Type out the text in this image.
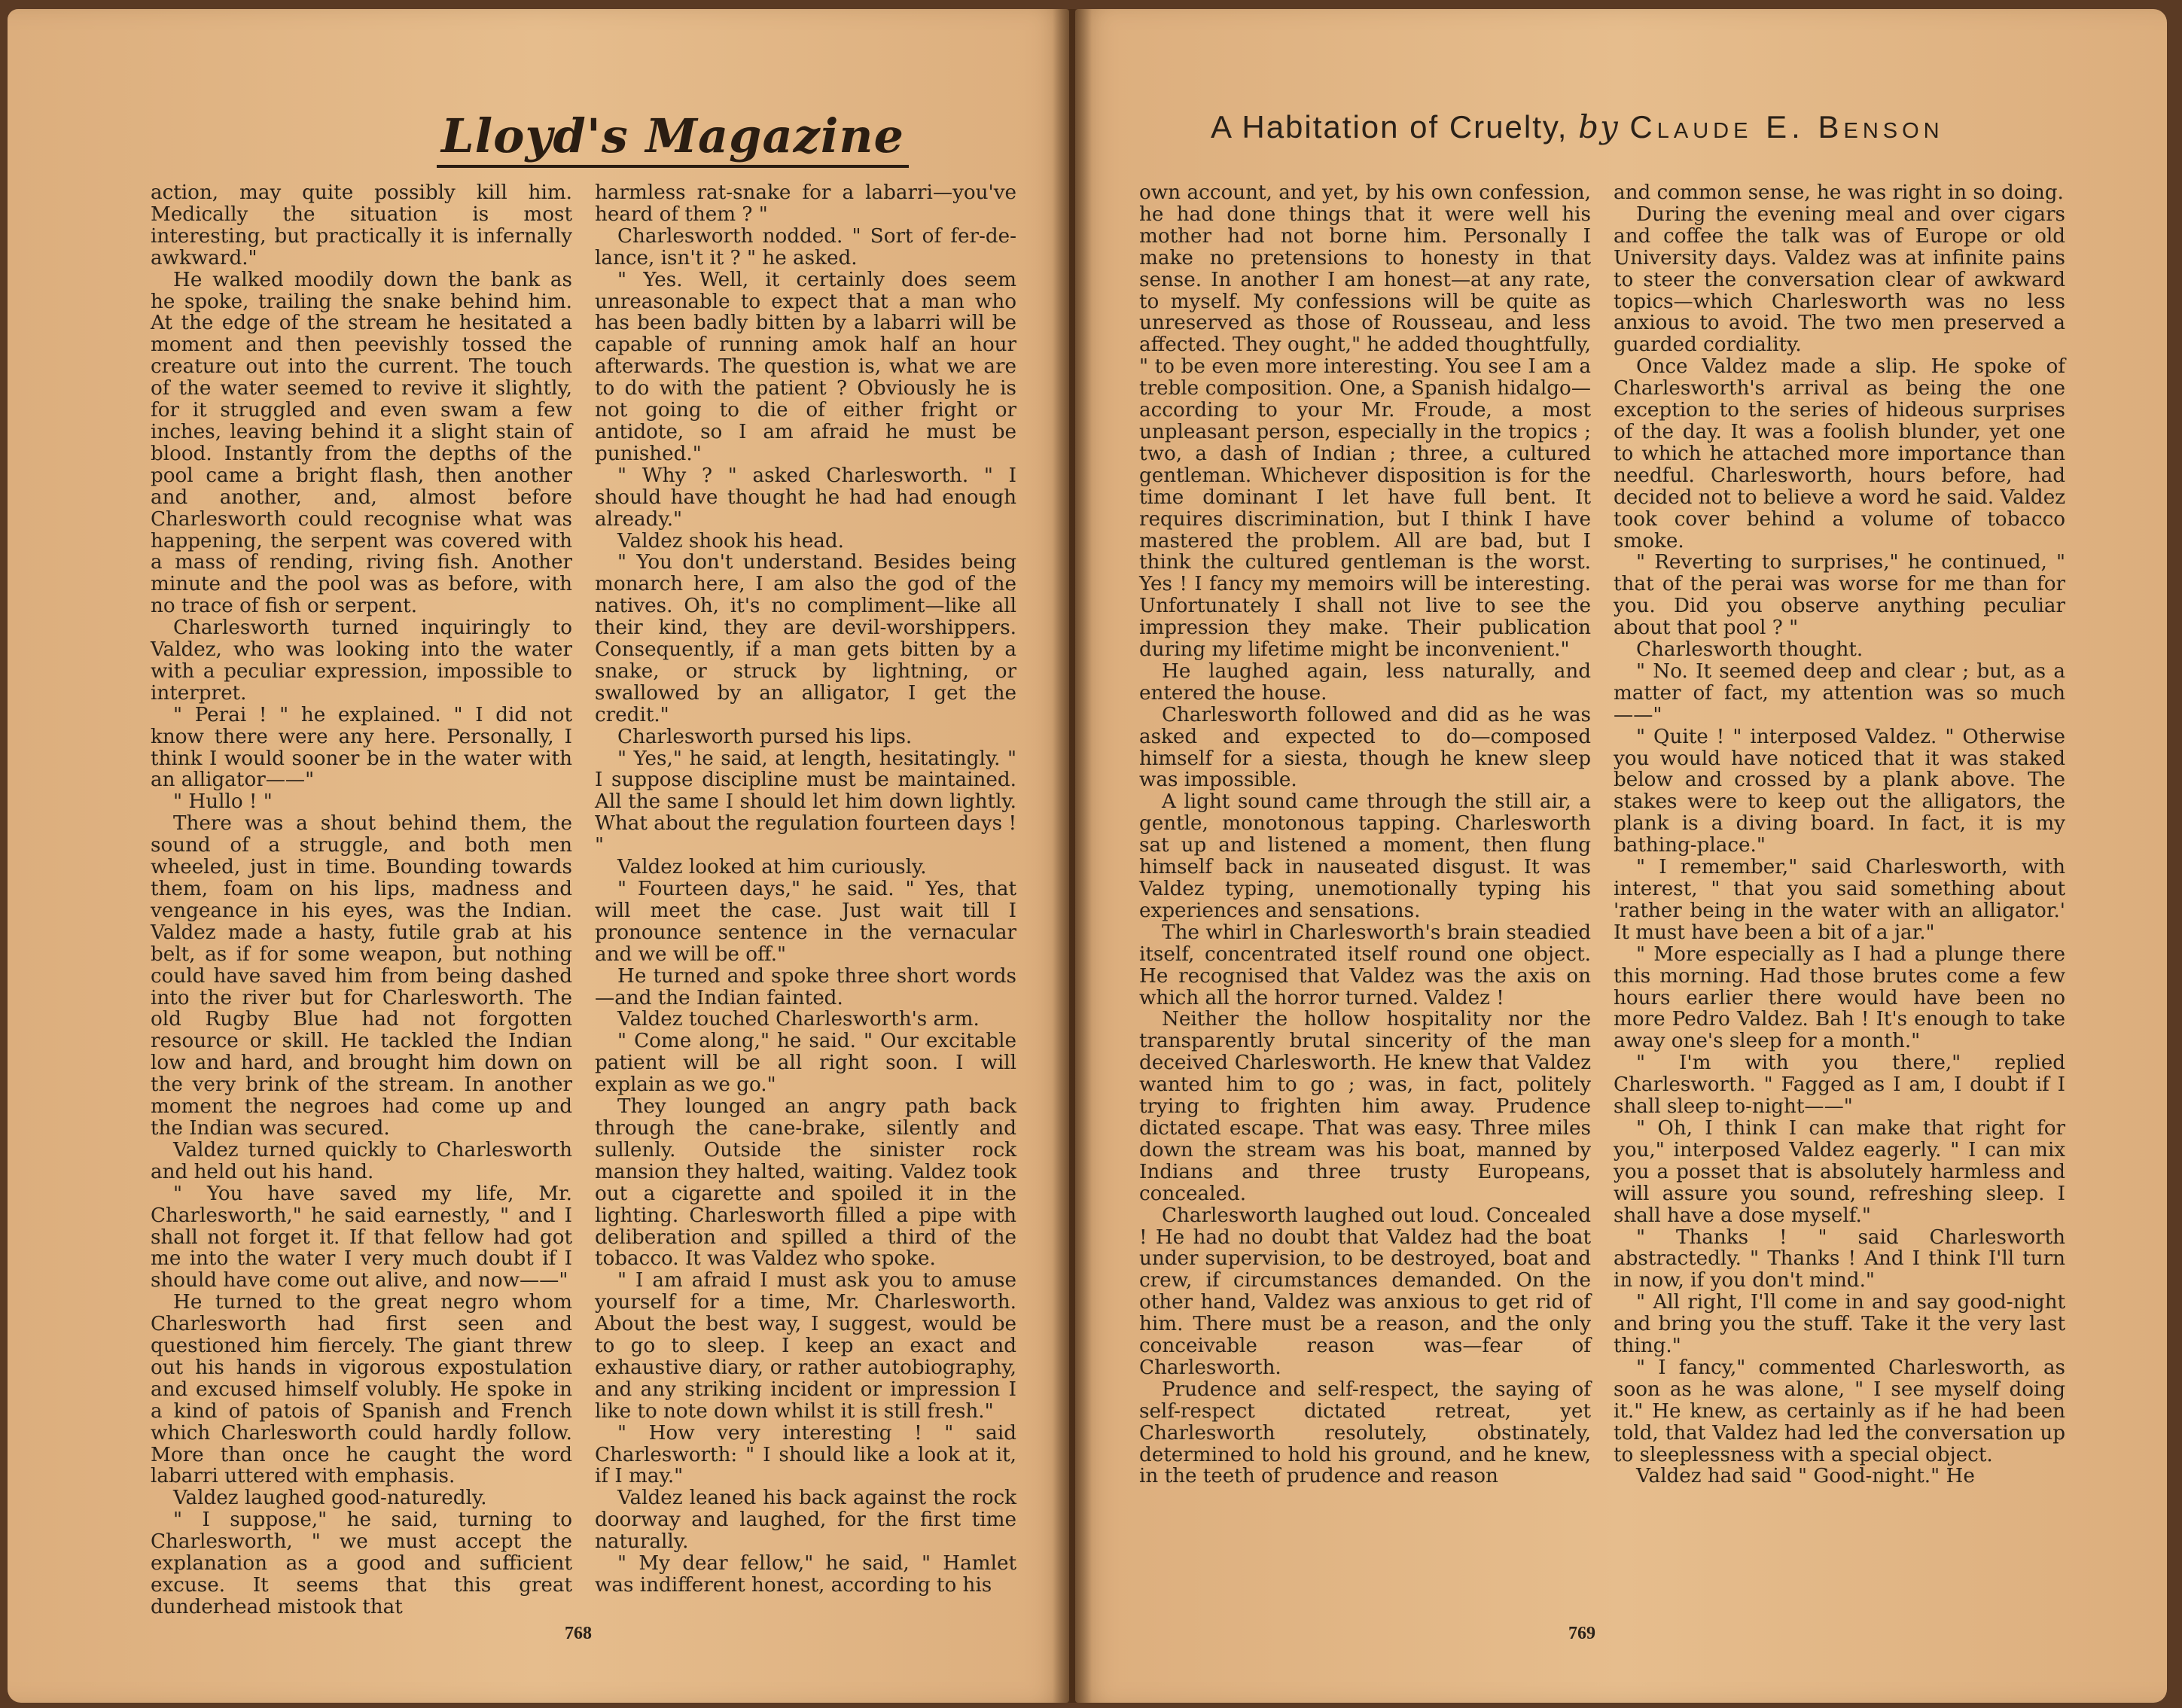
Lloyd's Magazine

action, may quite possibly kill him. Medically the situation is most interesting, but practically it is infernally awkward."

He walked moodily down the bank as he spoke, trailing the snake behind him. At the edge of the stream he hesitated a moment and then peevishly tossed the creature out into the current. The touch of the water seemed to revive it slightly, for it struggled and even swam a few inches, leaving behind it a slight stain of blood. Instantly from the depths of the pool came a bright flash, then another and another, and, almost before Charlesworth could recognise what was happening, the serpent was covered with a mass of rending, riving fish. Another minute and the pool was as before, with no trace of fish or serpent.

Charlesworth turned inquiringly to Valdez, who was looking into the water with a peculiar expression, impossible to interpret.

" Perai ! " he explained. " I did not know there were any here. Personally, I think I would sooner be in the water with an alligator——"

" Hullo ! "

There was a shout behind them, the sound of a struggle, and both men wheeled, just in time. Bounding towards them, foam on his lips, madness and vengeance in his eyes, was the Indian. Valdez made a hasty, futile grab at his belt, as if for some weapon, but nothing could have saved him from being dashed into the river but for Charlesworth. The old Rugby Blue had not forgotten resource or skill. He tackled the Indian low and hard, and brought him down on the very brink of the stream. In another moment the negroes had come up and the Indian was secured.

Valdez turned quickly to Charlesworth and held out his hand.

" You have saved my life, Mr. Charlesworth," he said earnestly, " and I shall not forget it. If that fellow had got me into the water I very much doubt if I should have come out alive, and now——"

He turned to the great negro whom Charlesworth had first seen and questioned him fiercely. The giant threw out his hands in vigorous expostulation and excused himself volubly. He spoke in a kind of patois of Spanish and French which Charlesworth could hardly follow. More than once he caught the word labarri uttered with emphasis.

Valdez laughed good-naturedly.

" I suppose," he said, turning to Charlesworth, " we must accept the explanation as a good and sufficient excuse. It seems that this great dunderhead mistook that

harmless rat-snake for a labarri—you've heard of them ? "

Charlesworth nodded. " Sort of fer-de-lance, isn't it ? " he asked.

" Yes. Well, it certainly does seem unreasonable to expect that a man who has been badly bitten by a labarri will be capable of running amok half an hour afterwards. The question is, what we are to do with the patient ? Obviously he is not going to die of either fright or antidote, so I am afraid he must be punished."

" Why ? " asked Charlesworth. " I should have thought he had had enough already."

Valdez shook his head.

" You don't understand. Besides being monarch here, I am also the god of the natives. Oh, it's no compliment—like all their kind, they are devil-worshippers. Consequently, if a man gets bitten by a snake, or struck by lightning, or swallowed by an alligator, I get the credit."

Charlesworth pursed his lips.

" Yes," he said, at length, hesitatingly. " I suppose discipline must be maintained. All the same I should let him down lightly. What about the regulation fourteen days ! "

Valdez looked at him curiously.

" Fourteen days," he said. " Yes, that will meet the case. Just wait till I pronounce sentence in the vernacular and we will be off."

He turned and spoke three short words—and the Indian fainted.

Valdez touched Charlesworth's arm.

" Come along," he said. " Our excitable patient will be all right soon. I will explain as we go."

They lounged an angry path back through the cane-brake, silently and sullenly. Outside the sinister rock mansion they halted, waiting. Valdez took out a cigarette and spoiled it in the lighting. Charlesworth filled a pipe with deliberation and spilled a third of the tobacco. It was Valdez who spoke.

" I am afraid I must ask you to amuse yourself for a time, Mr. Charlesworth. About the best way, I suggest, would be to go to sleep. I keep an exact and exhaustive diary, or rather autobiography, and any striking incident or impression I like to note down whilst it is still fresh."

" How very interesting ! " said Charlesworth: " I should like a look at it, if I may."

Valdez leaned his back against the rock doorway and laughed, for the first time naturally.

" My dear fellow," he said, " Hamlet was indifferent honest, according to his

768
A Habitation of Cruelty, by Claude E. Benson

own account, and yet, by his own confession, he had done things that it were well his mother had not borne him. Personally I make no pretensions to honesty in that sense. In another I am honest—at any rate, to myself. My confessions will be quite as unreserved as those of Rousseau, and less affected. They ought," he added thoughtfully, " to be even more interesting. You see I am a treble composition. One, a Spanish hidalgo—according to your Mr. Froude, a most unpleasant person, especially in the tropics ; two, a dash of Indian ; three, a cultured gentleman. Whichever disposition is for the time dominant I let have full bent. It requires discrimination, but I think I have mastered the problem. All are bad, but I think the cultured gentleman is the worst. Yes ! I fancy my memoirs will be interesting. Unfortunately I shall not live to see the impression they make. Their publication during my lifetime might be inconvenient."

He laughed again, less naturally, and entered the house.

Charlesworth followed and did as he was asked and expected to do—composed himself for a siesta, though he knew sleep was impossible.

A light sound came through the still air, a gentle, monotonous tapping. Charlesworth sat up and listened a moment, then flung himself back in nauseated disgust. It was Valdez typing, unemotionally typing his experiences and sensations.

The whirl in Charlesworth's brain steadied itself, concentrated itself round one object. He recognised that Valdez was the axis on which all the horror turned. Valdez !

Neither the hollow hospitality nor the transparently brutal sincerity of the man deceived Charlesworth. He knew that Valdez wanted him to go ; was, in fact, politely trying to frighten him away. Prudence dictated escape. That was easy. Three miles down the stream was his boat, manned by Indians and three trusty Europeans, concealed.

Charlesworth laughed out loud. Concealed ! He had no doubt that Valdez had the boat under supervision, to be destroyed, boat and crew, if circumstances demanded. On the other hand, Valdez was anxious to get rid of him. There must be a reason, and the only conceivable reason was—fear of Charlesworth.

Prudence and self-respect, the saying of self-respect dictated retreat, yet Charlesworth resolutely, obstinately, determined to hold his ground, and he knew, in the teeth of prudence and reason

and common sense, he was right in so doing.

During the evening meal and over cigars and coffee the talk was of Europe or old University days. Valdez was at infinite pains to steer the conversation clear of awkward topics—which Charlesworth was no less anxious to avoid. The two men preserved a guarded cordiality.

Once Valdez made a slip. He spoke of Charlesworth's arrival as being the one exception to the series of hideous surprises of the day. It was a foolish blunder, yet one to which he attached more importance than needful. Charlesworth, hours before, had decided not to believe a word he said. Valdez took cover behind a volume of tobacco smoke.

" Reverting to surprises," he continued, " that of the perai was worse for me than for you. Did you observe anything peculiar about that pool ? "

Charlesworth thought.

" No. It seemed deep and clear ; but, as a matter of fact, my attention was so much——"

" Quite ! " interposed Valdez. " Otherwise you would have noticed that it was staked below and crossed by a plank above. The stakes were to keep out the alligators, the plank is a diving board. In fact, it is my bathing-place."

" I remember," said Charlesworth, with interest, " that you said something about 'rather being in the water with an alligator.' It must have been a bit of a jar."

" More especially as I had a plunge there this morning. Had those brutes come a few hours earlier there would have been no more Pedro Valdez. Bah ! It's enough to take away one's sleep for a month."

" I'm with you there," replied Charlesworth. " Fagged as I am, I doubt if I shall sleep to-night——"

" Oh, I think I can make that right for you," interposed Valdez eagerly. " I can mix you a posset that is absolutely harmless and will assure you sound, refreshing sleep. I shall have a dose myself."

" Thanks ! " said Charlesworth abstractedly. " Thanks ! And I think I'll turn in now, if you don't mind."

" All right, I'll come in and say good-night and bring you the stuff. Take it the very last thing."

" I fancy," commented Charlesworth, as soon as he was alone, " I see myself doing it." He knew, as certainly as if he had been told, that Valdez had led the conversation up to sleeplessness with a special object.

Valdez had said " Good-night." He

769
